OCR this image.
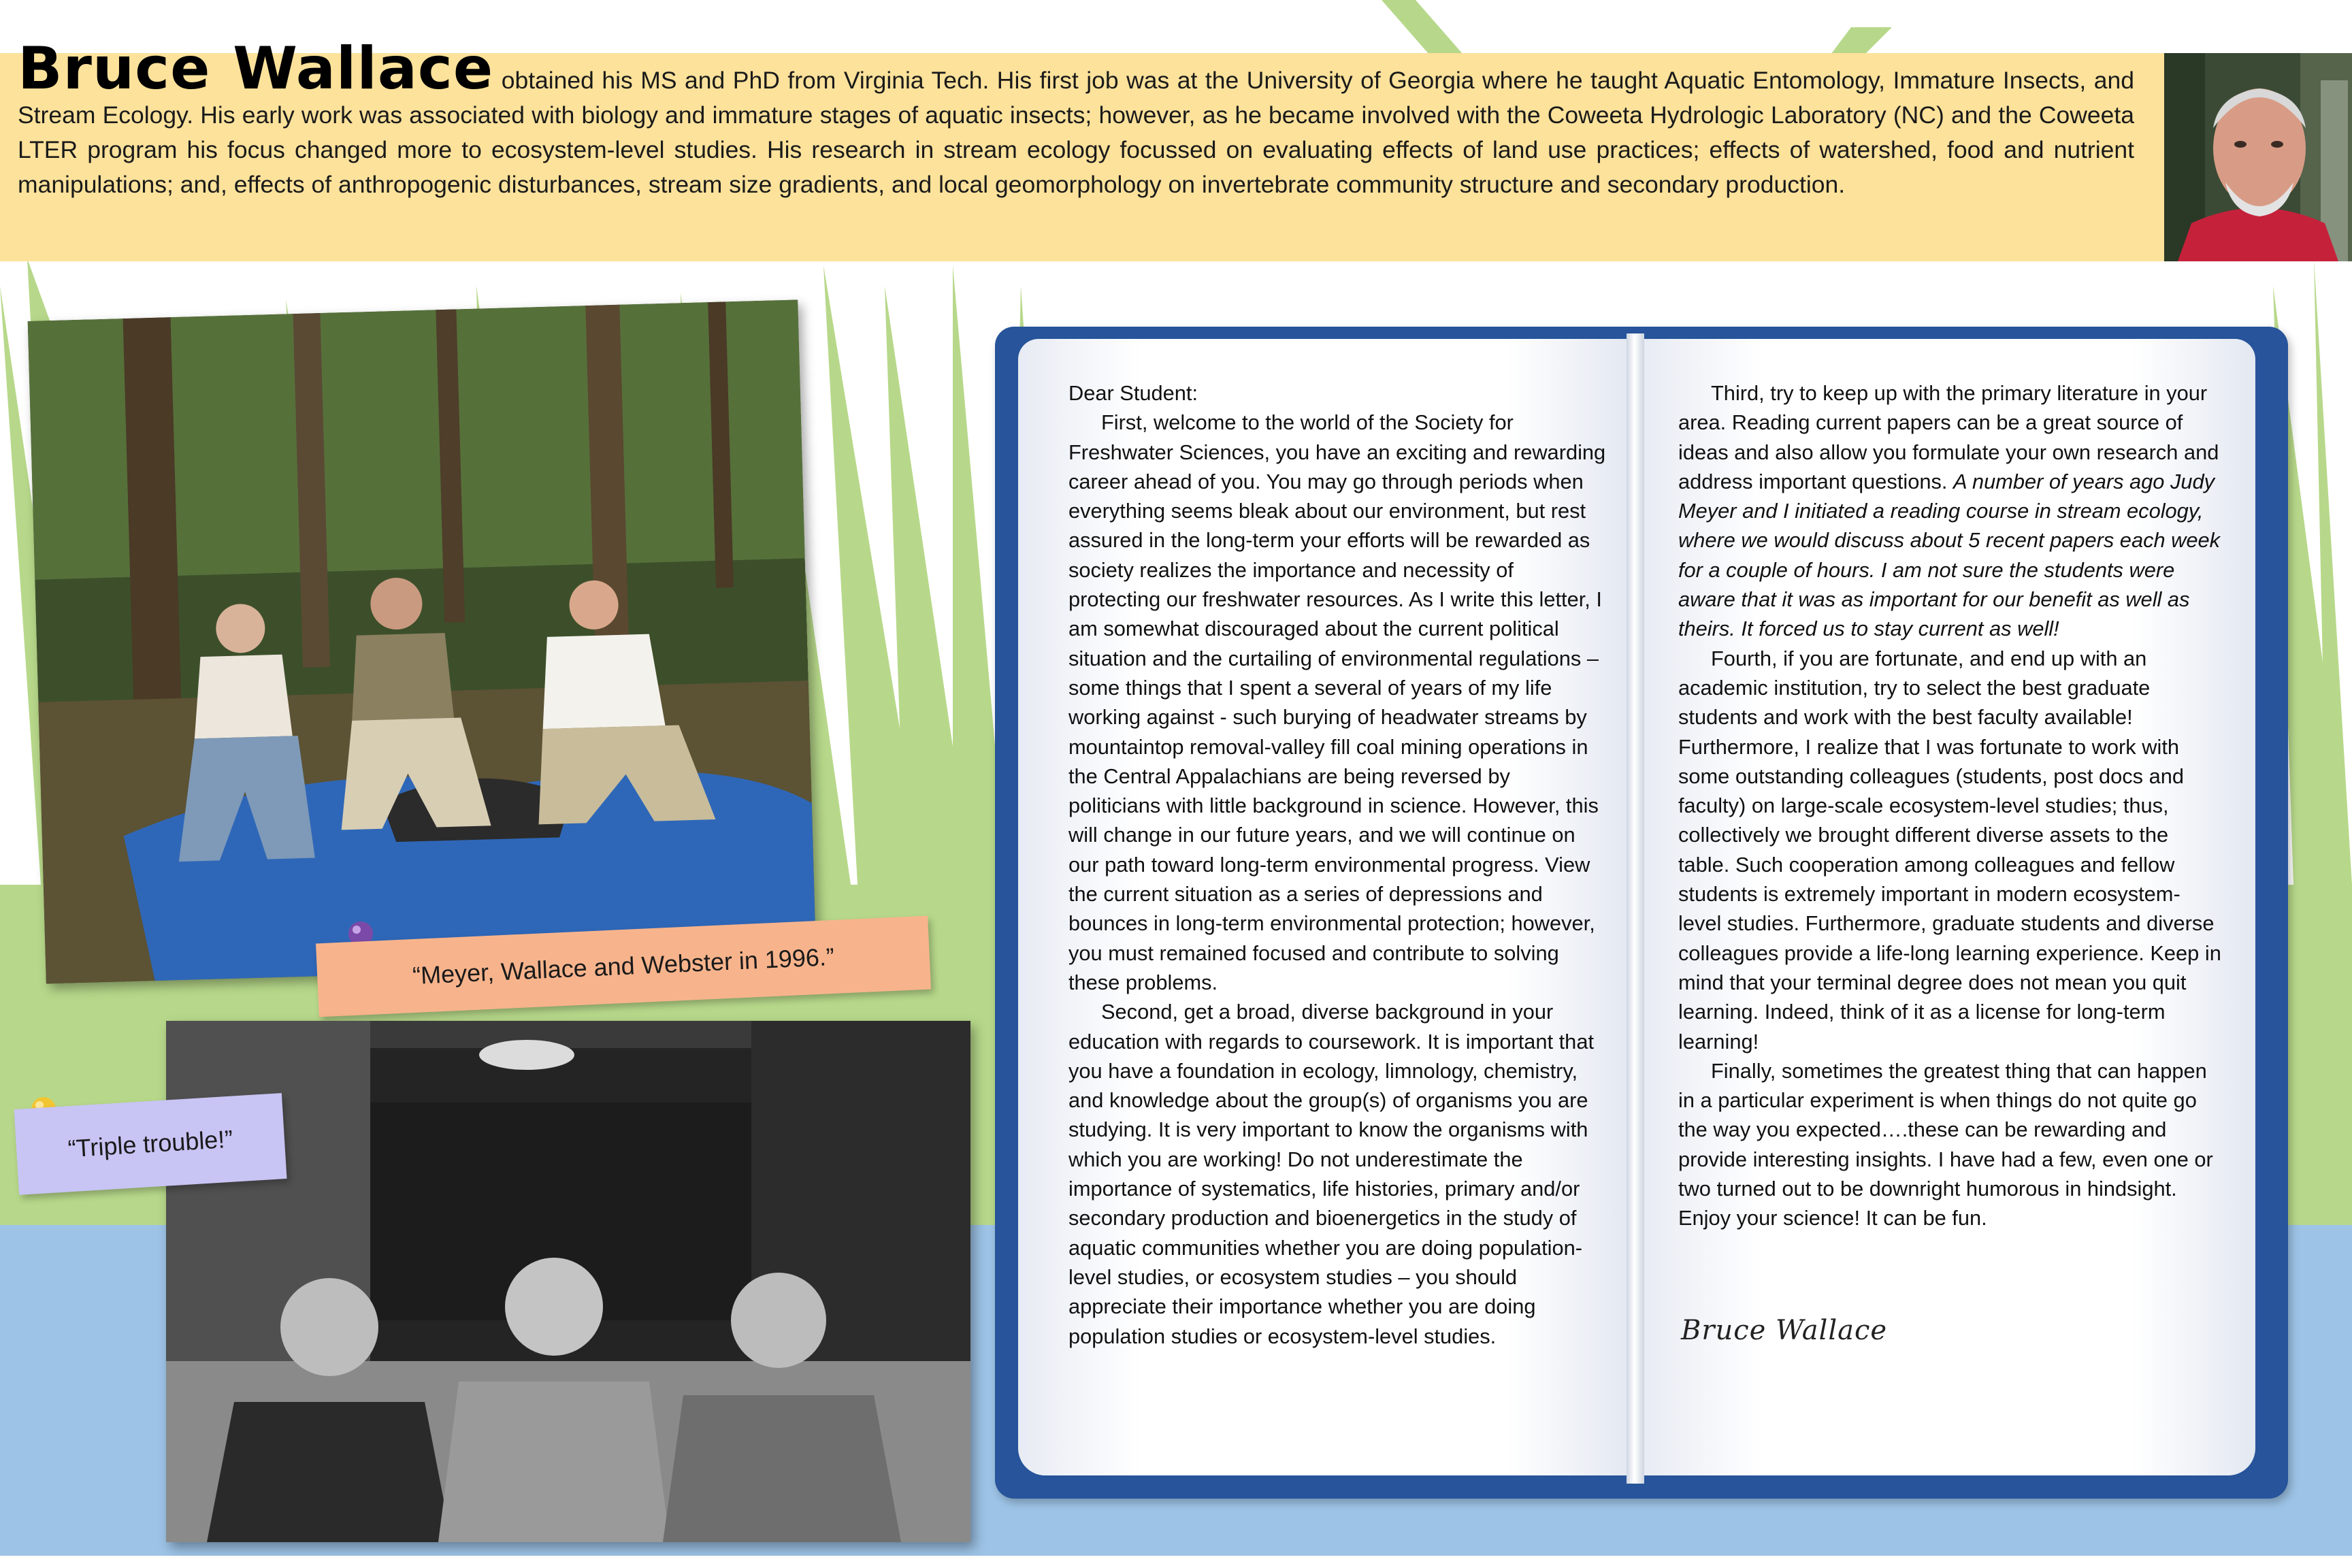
Bruce Wallace obtained his MS and PhD from Virginia Tech. His first job was at the University of Georgia where he taught Aquatic Entomology, Immature Insects, and Stream Ecology. His early work was associated with biology and immature stages of aquatic insects; however, as he became involved with the Coweeta Hydrologic Laboratory (NC) and the Coweeta LTER program his focus changed more to ecosystem-level studies. His research in stream ecology focussed on evaluating effects of land use practices; effects of watershed, food and nutrient manipulations; and, effects of anthropogenic disturbances, stream size gradients, and local geomorphology on invertebrate community structure and secondary production.
“Meyer, Wallace and Webster in 1996.”
“Triple trouble!”

Dear Student:

First, welcome to the world of the Society for Freshwater Sciences, you have an exciting and rewarding career ahead of you. You may go through periods when everything seems bleak about our environment, but rest assured in the long-term your efforts will be rewarded as society realizes the importance and necessity of protecting our freshwater resources. As I write this letter, I am somewhat discouraged about the current political situation and the curtailing of environmental regulations – some things that I spent a several of years of my life working against - such burying of headwater streams by mountaintop removal-valley fill coal mining operations in the Central Appalachians are being reversed by politicians with little background in science. However, this will change in our future years, and we will continue on our path toward long-term environmental progress. View the current situation as a series of depressions and bounces in long-term environmental protection; however, you must remained focused and contribute to solving these problems.

Second, get a broad, diverse background in your education with regards to coursework. It is important that you have a foundation in ecology, limnology, chemistry, and knowledge about the group(s) of organisms you are studying. It is very important to know the organisms with which you are working! Do not underestimate the importance of systematics, life histories, primary and/or secondary production and bioenergetics in the study of aquatic communities whether you are doing population-level studies, or ecosystem studies – you should appreciate their importance whether you are doing population studies or ecosystem-level studies.

Third, try to keep up with the primary literature in your area. Reading current papers can be a great source of ideas and also allow you formulate your own research and address important questions. A number of years ago Judy Meyer and I initiated a reading course in stream ecology, where we would discuss about 5 recent papers each week for a couple of hours. I am not sure the students were aware that it was as important for our benefit as well as theirs. It forced us to stay current as well!

Fourth, if you are fortunate, and end up with an academic institution, try to select the best graduate students and work with the best faculty available! Furthermore, I realize that I was fortunate to work with some outstanding colleagues (students, post docs and faculty) on large-scale ecosystem-level studies; thus, collectively we brought different diverse assets to the table. Such cooperation among colleagues and fellow students is extremely important in modern ecosystem-level studies. Furthermore, graduate students and diverse colleagues provide a life-long learning experience. Keep in mind that your terminal degree does not mean you quit learning. Indeed, think of it as a license for long-term learning!

Finally, sometimes the greatest thing that can happen in a particular experiment is when things do not quite go the way you expected….these can be rewarding and provide interesting insights. I have had a few, even one or two turned out to be downright humorous in hindsight. Enjoy your science! It can be fun.

Bruce Wallace
